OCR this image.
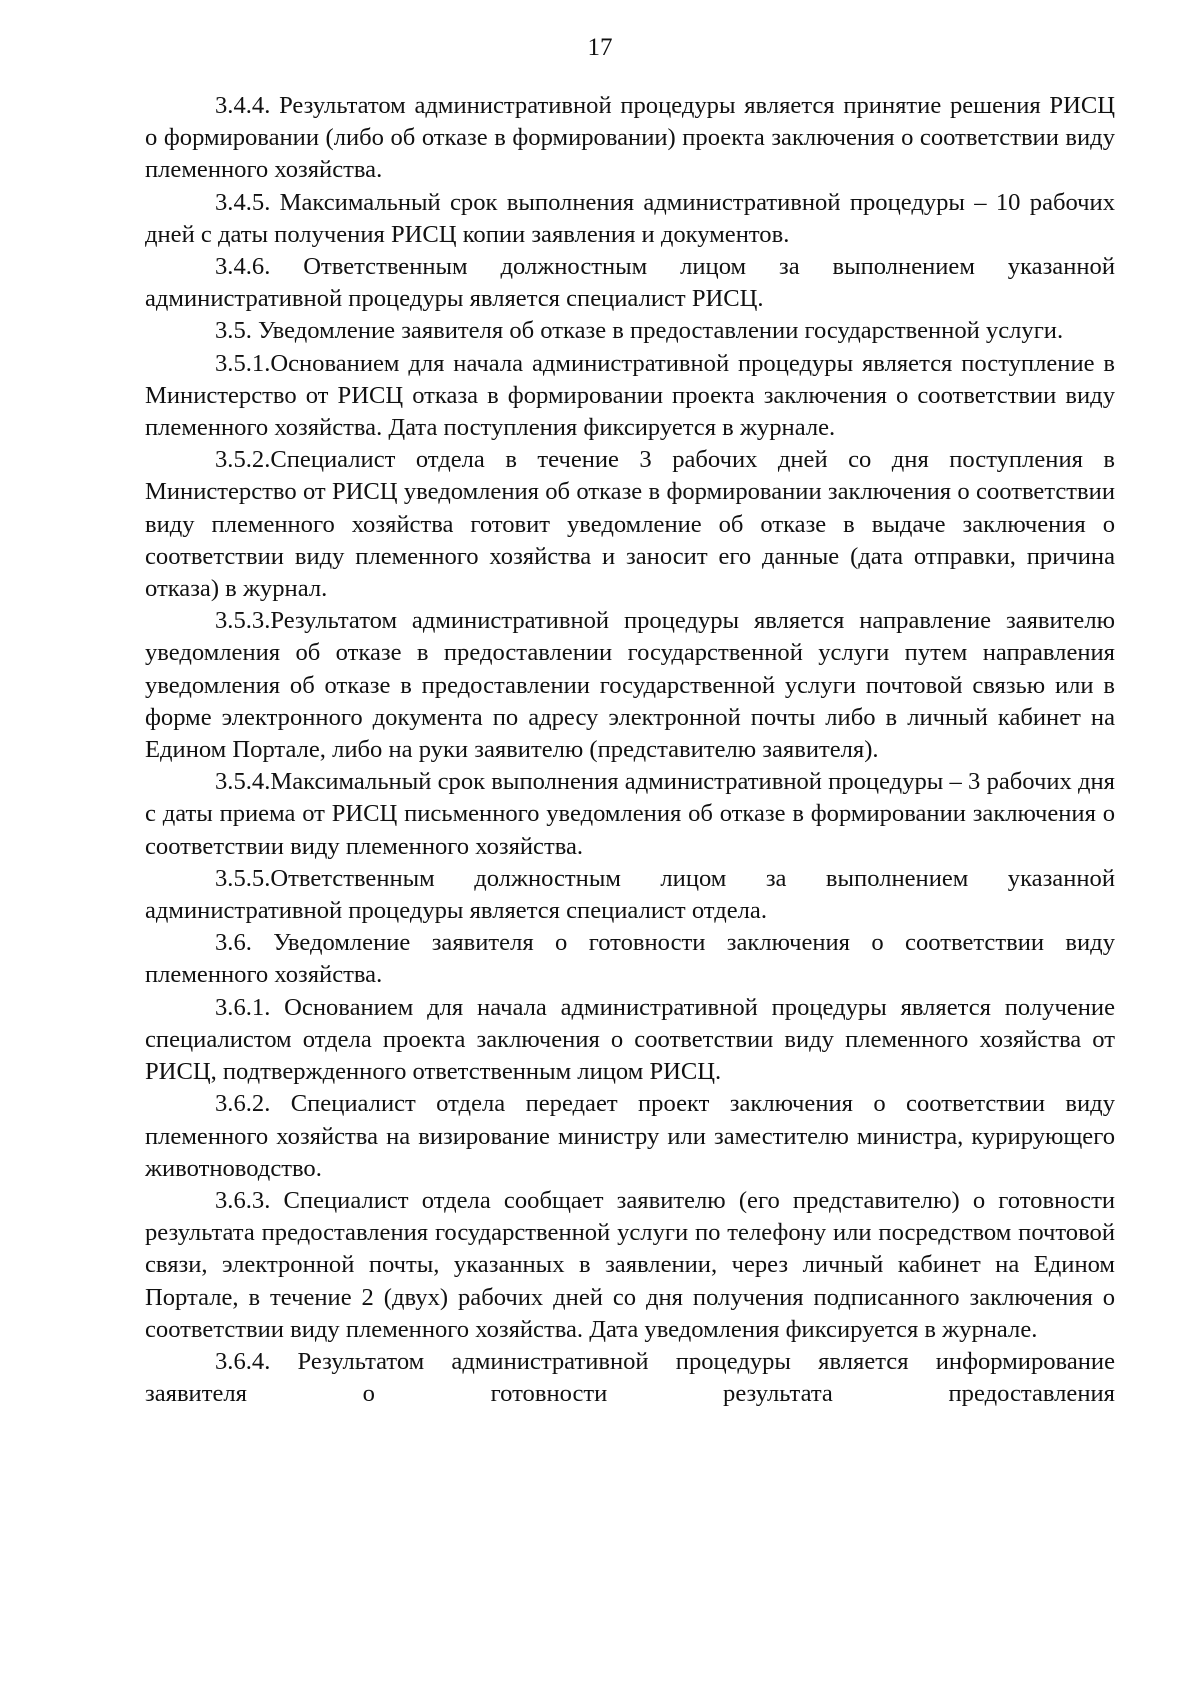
17

3.4.4. Результатом административной процедуры является принятие решения РИСЦ о формировании (либо об отказе в формировании) проекта заключения о соответствии виду племенного хозяйства.

3.4.5. Максимальный срок выполнения административной процедуры – 10 рабочих дней с даты получения РИСЦ копии заявления и документов.

3.4.6. Ответственным должностным лицом за выполнением указанной административной процедуры является специалист РИСЦ.

3.5. Уведомление заявителя об отказе в предоставлении государственной услуги.

3.5.1.Основанием для начала административной процедуры является поступление в Министерство от РИСЦ отказа в формировании проекта заключения о соответствии виду племенного хозяйства. Дата поступления фиксируется в журнале.

3.5.2.Специалист отдела в течение 3 рабочих дней со дня поступления в Министерство от РИСЦ уведомления об отказе в формировании заключения о соответствии виду племенного хозяйства готовит уведомление об отказе в выдаче заключения о соответствии виду племенного хозяйства и заносит его данные (дата отправки, причина отказа) в журнал.

3.5.3.Результатом административной процедуры является направление заявителю уведомления об отказе в предоставлении государственной услуги путем направления уведомления об отказе в предоставлении государственной услуги почтовой связью или в форме электронного документа по адресу электронной почты либо в личный кабинет на Едином Портале, либо на руки заявителю (представителю заявителя).

3.5.4.Максимальный срок выполнения административной процедуры – 3 рабочих дня с даты приема от РИСЦ письменного уведомления об отказе в формировании заключения о соответствии виду племенного хозяйства.

3.5.5.Ответственным должностным лицом за выполнением указанной административной процедуры является специалист отдела.

3.6. Уведомление заявителя о готовности заключения о соответствии виду племенного хозяйства.

3.6.1. Основанием для начала административной процедуры является получение специалистом отдела проекта заключения о соответствии виду племенного хозяйства от РИСЦ, подтвержденного ответственным лицом РИСЦ.

3.6.2. Специалист отдела передает проект заключения о соответствии виду племенного хозяйства на визирование министру или заместителю министра, курирующего животноводство.

3.6.3. Специалист отдела сообщает заявителю (его представителю) о готовности результата предоставления государственной услуги по телефону или посредством почтовой связи, электронной почты, указанных в заявлении, через личный кабинет на Едином Портале, в течение 2 (двух) рабочих дней со дня получения подписанного заключения о соответствии виду племенного хозяйства. Дата уведомления фиксируется в журнале.

3.6.4. Результатом административной процедуры является информирование заявителя о готовности результата предоставления
